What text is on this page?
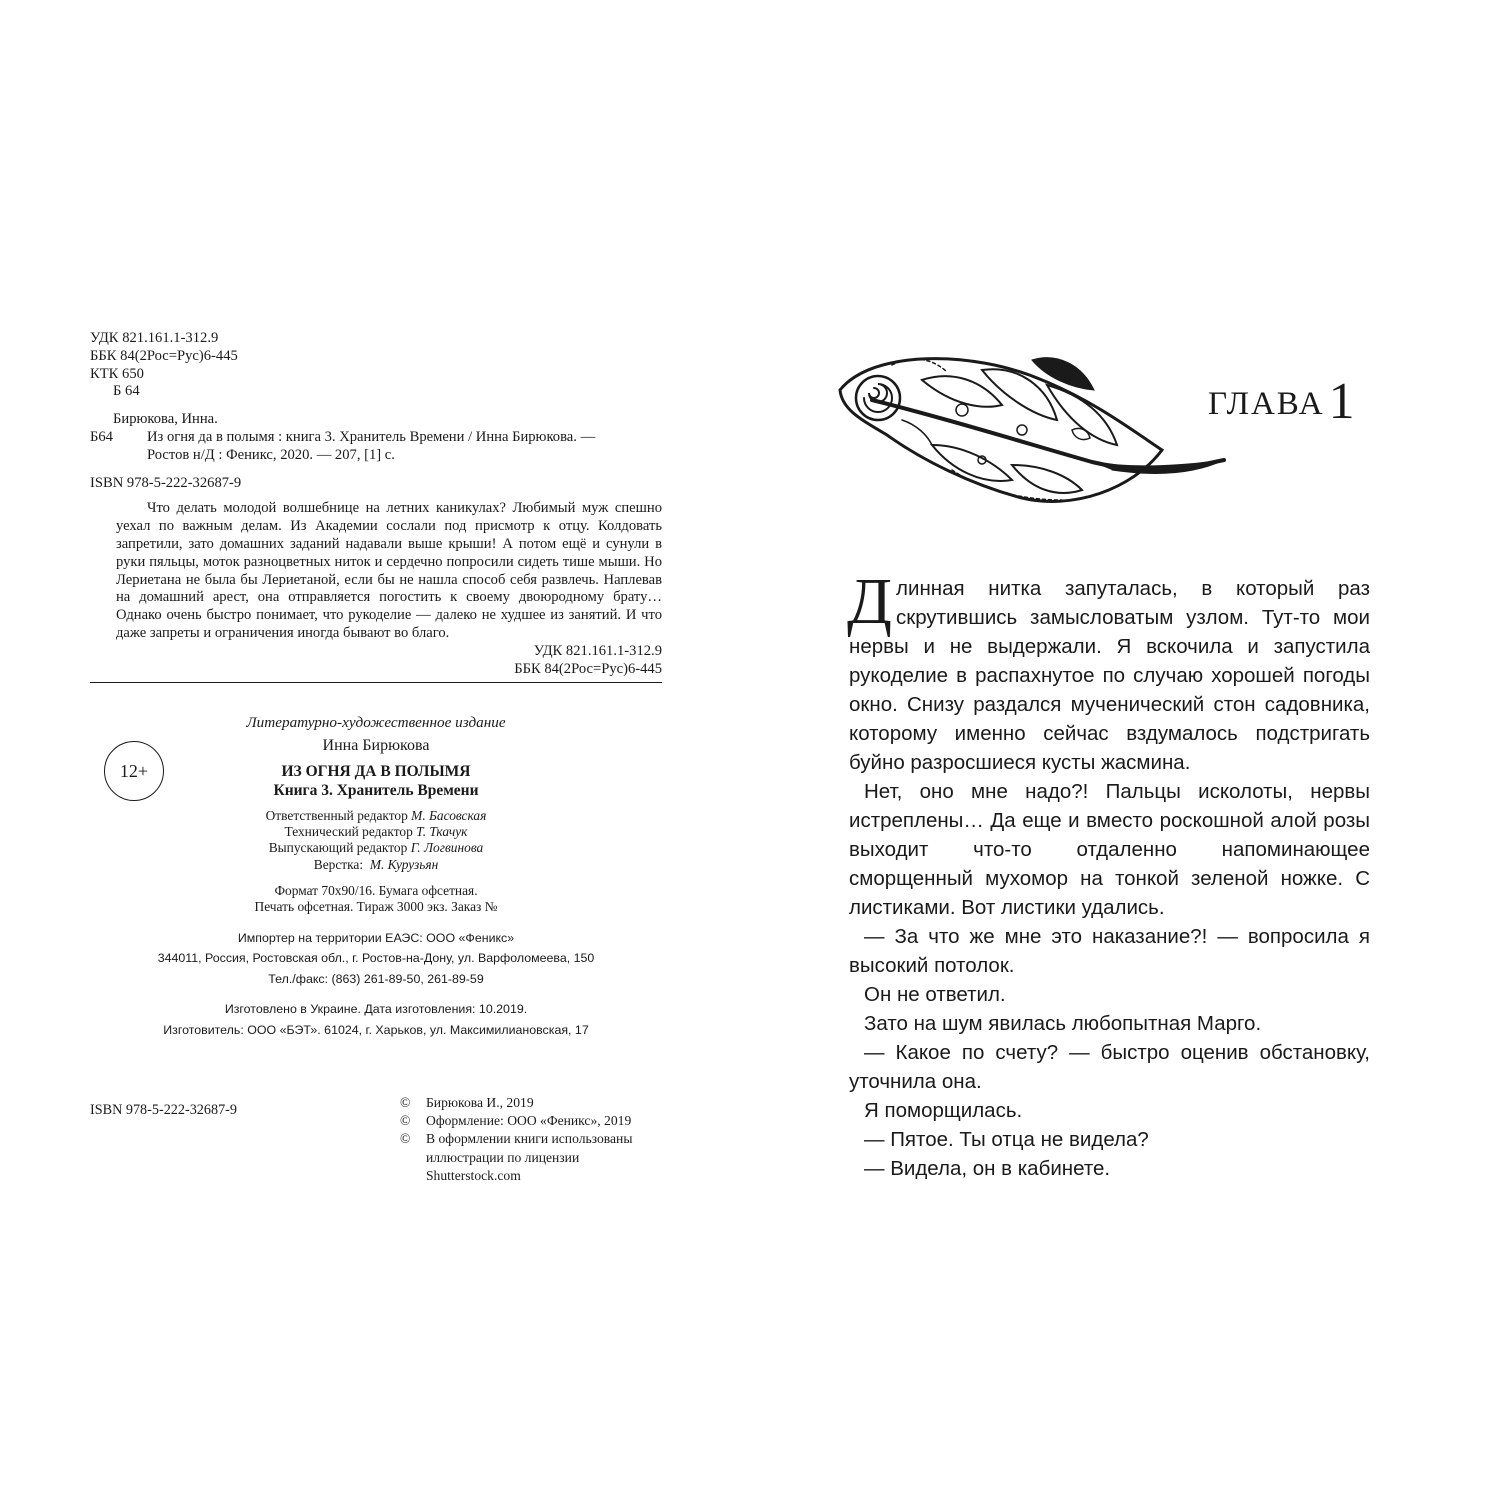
УДК 821.161.1-312.9
ББК 84(2Рос=Рус)6-445
КТК 650
Б 64
Бирюкова, Инна.
Б64	Из огня да в полымя : книга 3. Хранитель Времени / Инна Бирюкова. —
Ростов н/Д : Феникс, 2020. — 207, [1] с.
ISBN 978-5-222-32687-9

Что делать молодой волшебнице на летних каникулах? Любимый муж спешно уехал по важным делам. Из Академии сослали под присмотр к отцу. Колдовать запретили, зато домашних заданий надавали выше крыши! А потом ещё и сунули в руки пяльцы, моток разноцветных ниток и сердечно попросили сидеть тише мыши. Но Лериетана не была бы Лериетаной, если бы не нашла способ себя развлечь. Наплевав на домашний арест, она отправляется погостить к своему двоюродному брату… Однако очень быстро понимает, что рукоделие — далеко не худшее из занятий. И что даже запреты и ограничения иногда бывают во благо.

УДК 821.161.1-312.9
ББК 84(2Рос=Рус)6-445
Литературно-художественное издание
Инна Бирюкова
ИЗ ОГНЯ ДА В ПОЛЫМЯ
Книга 3. Хранитель Времени
Ответственный редактор М. Басовская
Технический редактор Т. Ткачук
Выпускающий редактор Г. Логвинова
Верстка: М. Курузьян
Формат 70х90/16. Бумага офсетная.
Печать офсетная. Тираж 3000 экз. Заказ №
Импортер на территории ЕАЭС: ООО «Феникс»
344011, Россия, Ростовская обл., г. Ростов-на-Дону, ул. Варфоломеева, 150
Тел./факс: (863) 261-89-50, 261-89-59
Изготовлено в Украине. Дата изготовления: 10.2019.
Изготовитель: ООО «БЭТ». 61024, г. Харьков, ул. Максимилиановская, 17
12+
ISBN 978-5-222-32687-9	©	Бирюкова И., 2019
©	Оформление: ООО «Феникс», 2019
©	В оформлении книги использованы иллюстрации по лицензии Shutterstock.com
ГЛАВА1

Длинная нитка запуталась, в который раз скрутившись замысловатым узлом. Тут-то мои нервы и не выдержали. Я вскочила и запустила рукоделие в распахнутое по случаю хорошей погоды окно. Снизу раздался мученический стон садовника, которому именно сейчас вздумалось подстригать буйно разросшиеся кусты жасмина.

Нет, оно мне надо?! Пальцы исколоты, нервы истреплены… Да еще и вместо роскошной алой розы выходит что-то отдаленно напоминающее сморщенный мухомор на тонкой зеленой ножке. С листиками. Вот листики удались.

— За что же мне это наказание?! — вопросила я высокий потолок.

Он не ответил.

Зато на шум явилась любопытная Марго.

— Какое по счету? — быстро оценив обстановку, уточнила она.

Я поморщилась.

— Пятое. Ты отца не видела?

— Видела, он в кабинете.
